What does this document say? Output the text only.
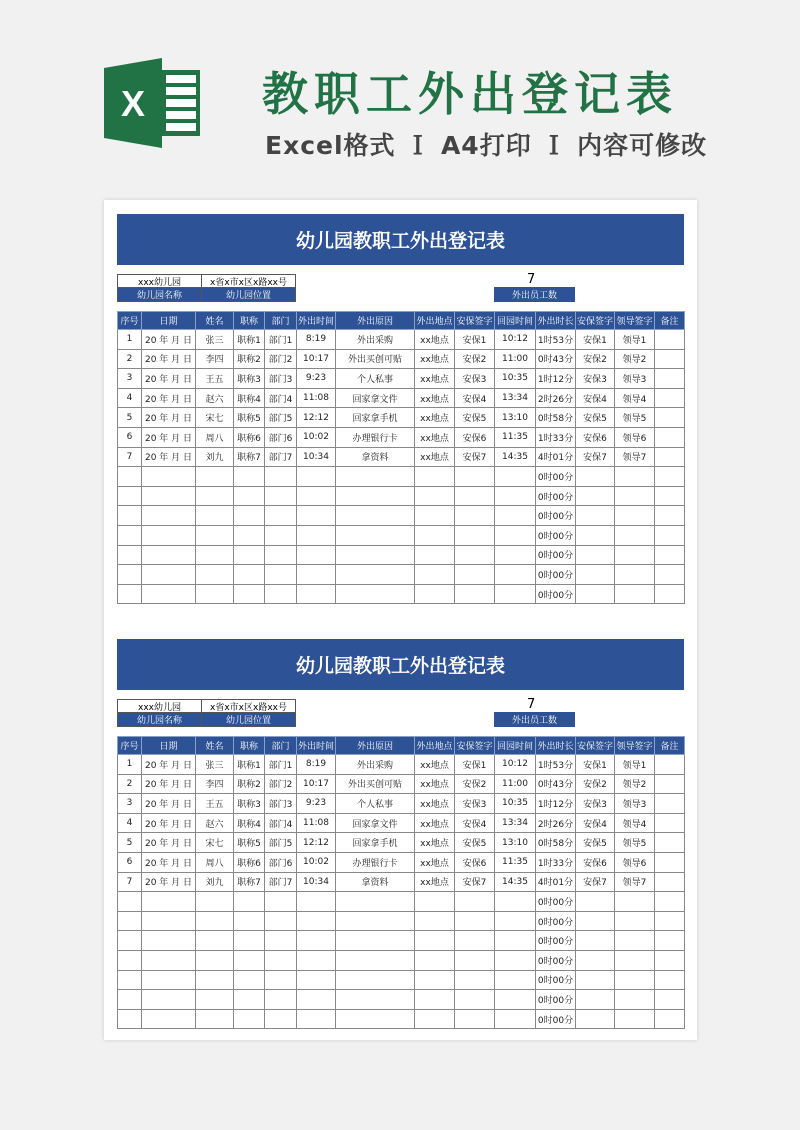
X	教职工外出登记表
Excel格式 Ｉ A4打印 Ｉ 内容可修改
幼儿园教职工外出登记表
xxx幼儿园	x省x市x区x路xx号
幼儿园名称	幼儿园位置
7
外出员工数
序号	日期	姓名	职称	部门	外出时间	外出原因	外出地点	安保签字	回园时间	外出时长	安保签字	领导签字	备注
1	20 年 月 日	张三	职称1	部门1	8:19	外出采购	xx地点	安保1	10:12	1时53分	安保1	领导1	
2	20 年 月 日	李四	职称2	部门2	10:17	外出买创可贴	xx地点	安保2	11:00	0时43分	安保2	领导2	
3	20 年 月 日	王五	职称3	部门3	9:23	个人私事	xx地点	安保3	10:35	1时12分	安保3	领导3	
4	20 年 月 日	赵六	职称4	部门4	11:08	回家拿文件	xx地点	安保4	13:34	2时26分	安保4	领导4	
5	20 年 月 日	宋七	职称5	部门5	12:12	回家拿手机	xx地点	安保5	13:10	0时58分	安保5	领导5	
6	20 年 月 日	周八	职称6	部门6	10:02	办理银行卡	xx地点	安保6	11:35	1时33分	安保6	领导6	
7	20 年 月 日	刘九	职称7	部门7	10:34	拿资料	xx地点	安保7	14:35	4时01分	安保7	领导7	
										0时00分			
										0时00分			
										0时00分			
										0时00分			
										0时00分			
										0时00分			
										0时00分			
幼儿园教职工外出登记表
xxx幼儿园	x省x市x区x路xx号
幼儿园名称	幼儿园位置
7
外出员工数
序号	日期	姓名	职称	部门	外出时间	外出原因	外出地点	安保签字	回园时间	外出时长	安保签字	领导签字	备注
1	20 年 月 日	张三	职称1	部门1	8:19	外出采购	xx地点	安保1	10:12	1时53分	安保1	领导1	
2	20 年 月 日	李四	职称2	部门2	10:17	外出买创可贴	xx地点	安保2	11:00	0时43分	安保2	领导2	
3	20 年 月 日	王五	职称3	部门3	9:23	个人私事	xx地点	安保3	10:35	1时12分	安保3	领导3	
4	20 年 月 日	赵六	职称4	部门4	11:08	回家拿文件	xx地点	安保4	13:34	2时26分	安保4	领导4	
5	20 年 月 日	宋七	职称5	部门5	12:12	回家拿手机	xx地点	安保5	13:10	0时58分	安保5	领导5	
6	20 年 月 日	周八	职称6	部门6	10:02	办理银行卡	xx地点	安保6	11:35	1时33分	安保6	领导6	
7	20 年 月 日	刘九	职称7	部门7	10:34	拿资料	xx地点	安保7	14:35	4时01分	安保7	领导7	
										0时00分			
										0时00分			
										0时00分			
										0时00分			
										0时00分			
										0时00分			
										0时00分			
